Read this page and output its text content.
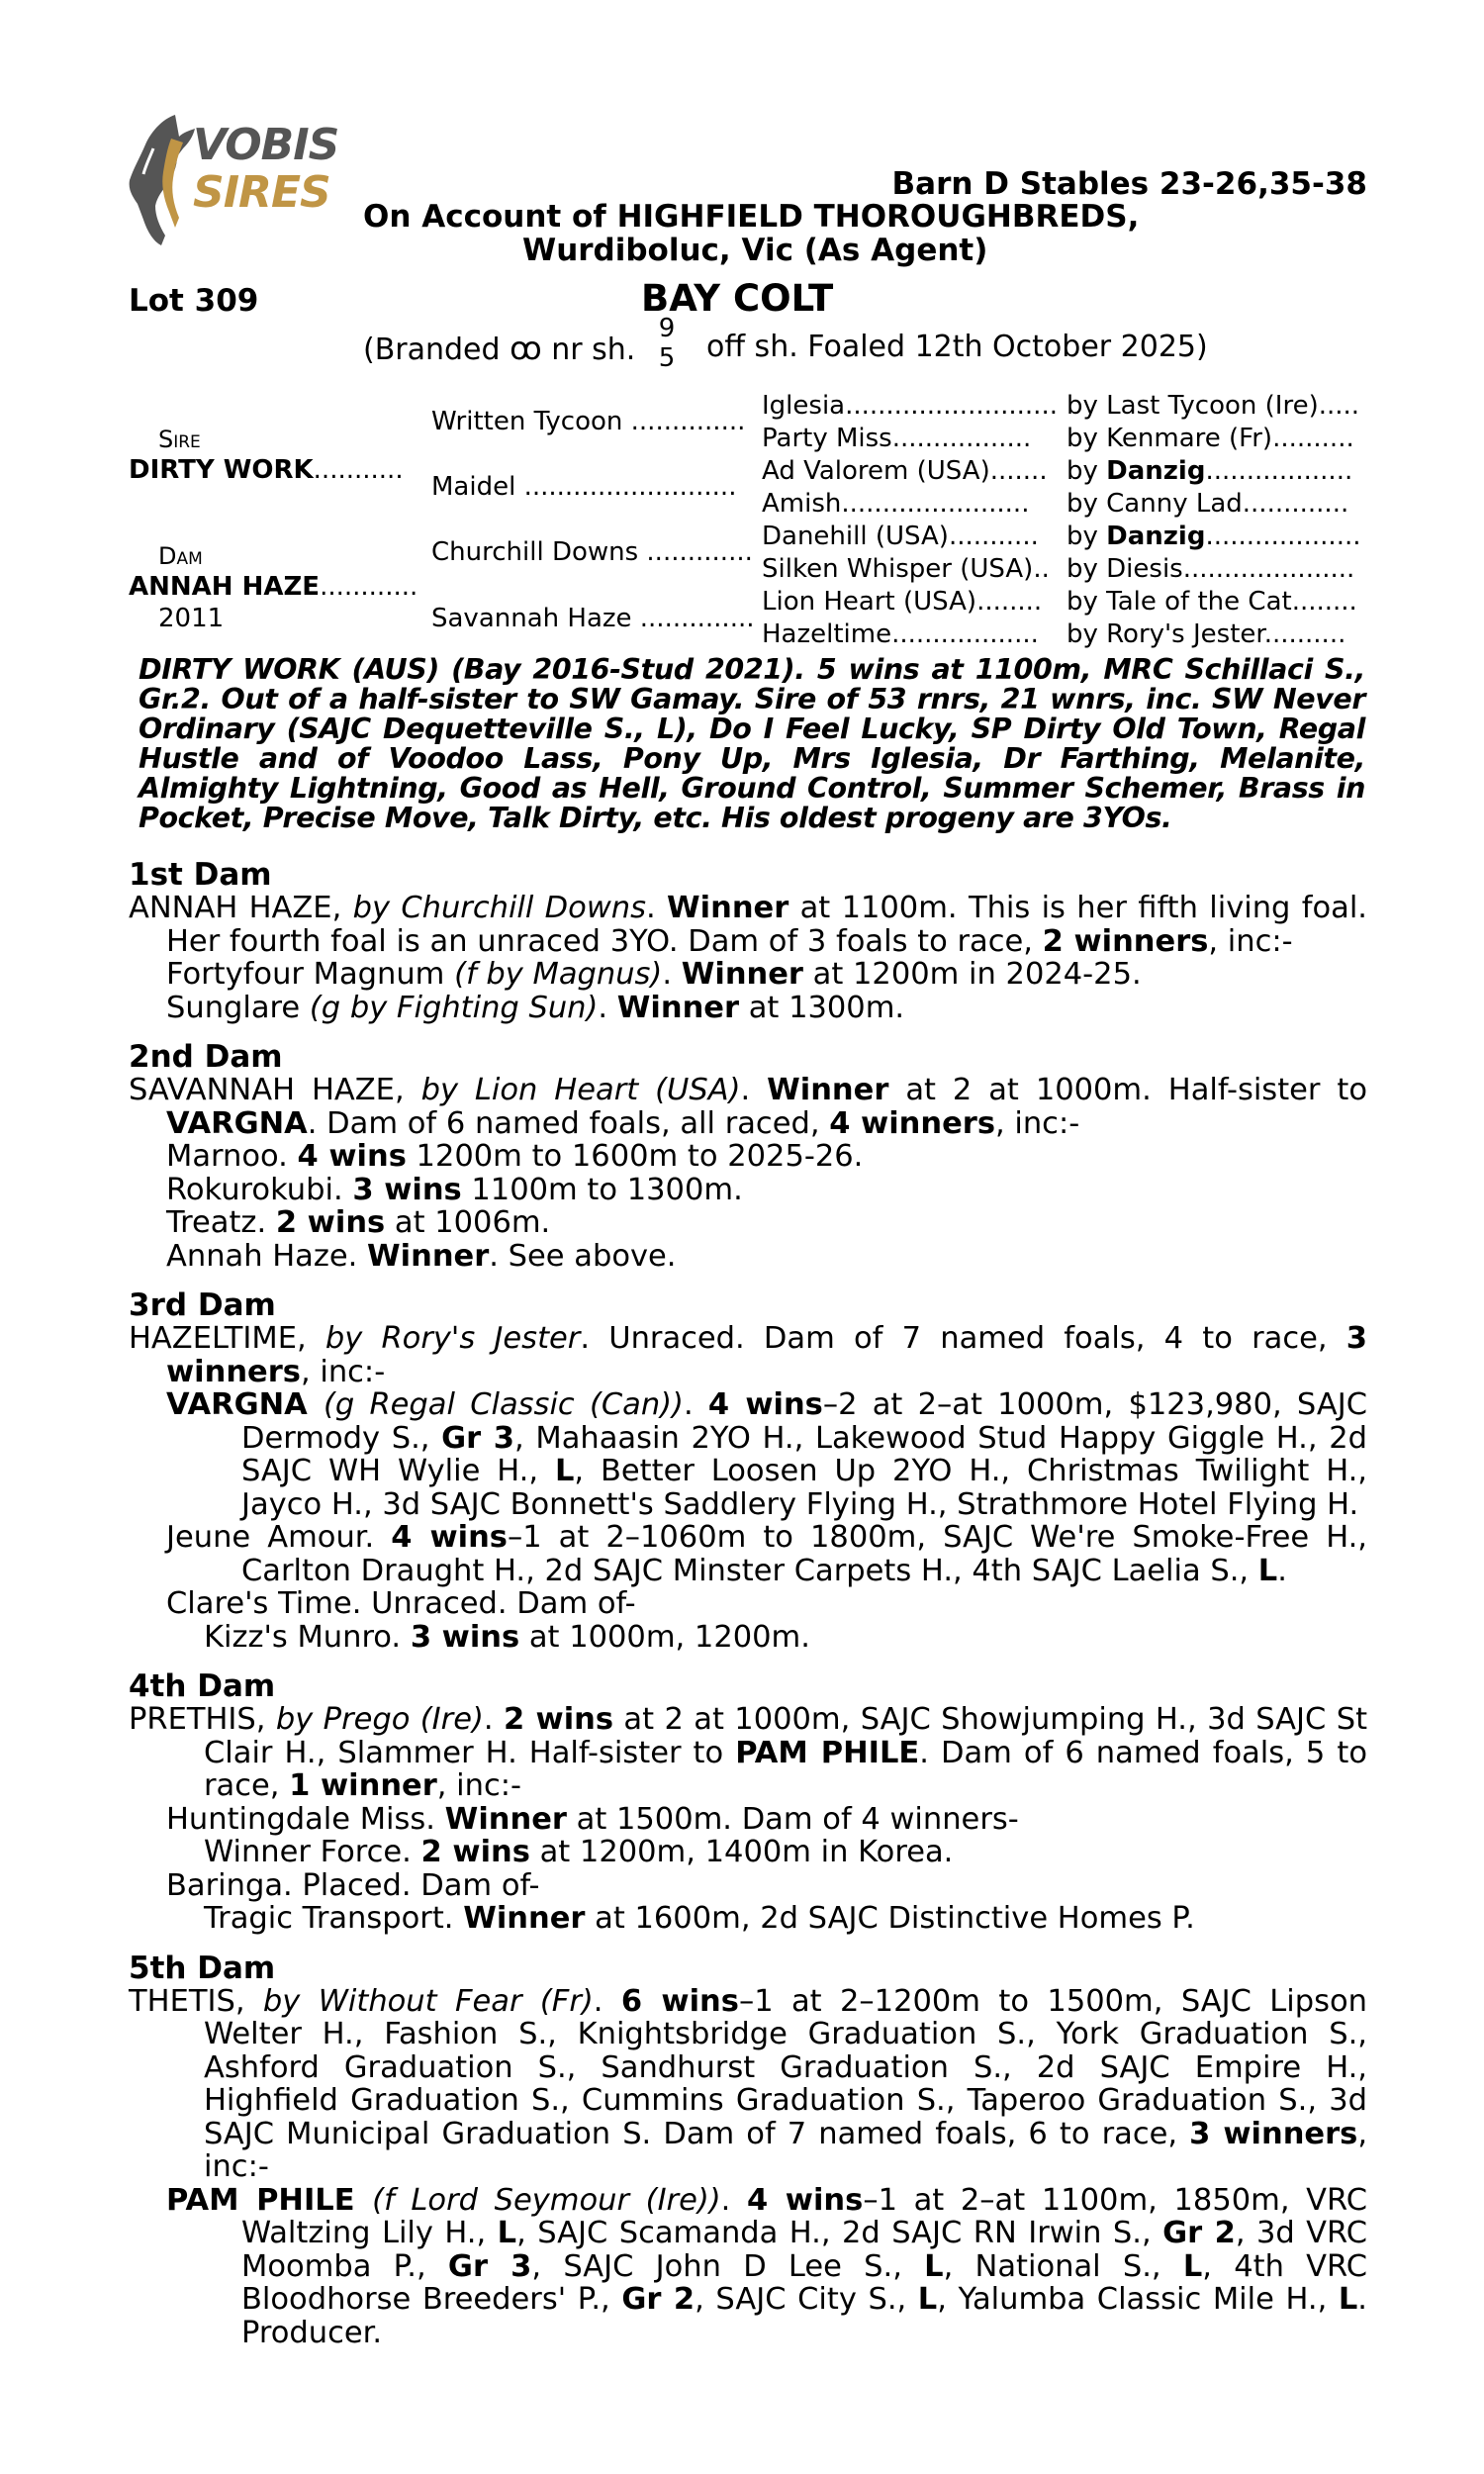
VOBIS
SIRES	Barn D Stables 23-26,35-38
On Account of HIGHFIELD THOROUGHBREDS,
Wurdiboluc, Vic (As Agent)
Lot 309	BAY COLT
(Branded ꝏ nr sh.
9
5 off sh. Foaled 12th October 2025)
Sire
DIRTY WORK...........
Dam
ANNAH HAZE............
2011
Written Tycoon ..............
Maidel ..........................
Churchill Downs .............
Savannah Haze ..............
Iglesia..........................
Party Miss.................
Ad Valorem (USA).......
Amish.......................
Danehill (USA)...........
Silken Whisper (USA)..
Lion Heart (USA)........
Hazeltime..................
by Last Tycoon (Ire).....
by Kenmare (Fr)..........
by Danzig..................
by Canny Lad.............
by Danzig...................
by Diesis.....................
by Tale of the Cat........
by Rory's Jester..........
DIRTY WORK (AUS) (Bay 2016-Stud 2021). 5 wins at 1100m, MRC Schillaci S., Gr.2. Out of a half-sister to SW Gamay. Sire of 53 rnrs, 21 wnrs, inc. SW Never Ordinary (SAJC Dequetteville S., L), Do I Feel Lucky, SP Dirty Old Town, Regal Hustle and of Voodoo Lass, Pony Up, Mrs Iglesia, Dr Farthing, Melanite, Almighty Lightning, Good as Hell, Ground Control, Summer Schemer, Brass in Pocket, Precise Move, Talk Dirty, etc. His oldest progeny are 3YOs.
1st Dam
ANNAH HAZE, by Churchill Downs. Winner at 1100m. This is her fifth living foal. Her fourth foal is an unraced 3YO. Dam of 3 foals to race, 2 winners, inc:-
Fortyfour Magnum (f by Magnus). Winner at 1200m in 2024-25.
Sunglare (g by Fighting Sun). Winner at 1300m.
2nd Dam
SAVANNAH HAZE, by Lion Heart (USA). Winner at 2 at 1000m. Half-sister to VARGNA. Dam of 6 named foals, all raced, 4 winners, inc:-
Marnoo. 4 wins 1200m to 1600m to 2025-26.
Rokurokubi. 3 wins 1100m to 1300m.
Treatz. 2 wins at 1006m.
Annah Haze. Winner. See above.
3rd Dam
HAZELTIME, by Rory's Jester. Unraced. Dam of 7 named foals, 4 to race, 3 winners, inc:-
VARGNA (g Regal Classic (Can)). 4 wins–2 at 2–at 1000m, $123,980, SAJC Dermody S., Gr 3, Mahaasin 2YO H., Lakewood Stud Happy Giggle H., 2d SAJC WH Wylie H., L, Better Loosen Up 2YO H., Christmas Twilight H., Jayco H., 3d SAJC Bonnett's Saddlery Flying H., Strathmore Hotel Flying H.
Jeune Amour. 4 wins–1 at 2–1060m to 1800m, SAJC We're Smoke-Free H., Carlton Draught H., 2d SAJC Minster Carpets H., 4th SAJC Laelia S., L.
Clare's Time. Unraced. Dam of-
Kizz's Munro. 3 wins at 1000m, 1200m.
4th Dam
PRETHIS, by Prego (Ire). 2 wins at 2 at 1000m, SAJC Showjumping H., 3d SAJC St Clair H., Slammer H. Half-sister to PAM PHILE. Dam of 6 named foals, 5 to race, 1 winner, inc:-
Huntingdale Miss. Winner at 1500m. Dam of 4 winners-
Winner Force. 2 wins at 1200m, 1400m in Korea.
Baringa. Placed. Dam of-
Tragic Transport. Winner at 1600m, 2d SAJC Distinctive Homes P.
5th Dam
THETIS, by Without Fear (Fr). 6 wins–1 at 2–1200m to 1500m, SAJC Lipson Welter H., Fashion S., Knightsbridge Graduation S., York Graduation S., Ashford Graduation S., Sandhurst Graduation S., 2d SAJC Empire H., Highfield Graduation S., Cummins Graduation S., Taperoo Graduation S., 3d SAJC Municipal Graduation S. Dam of 7 named foals, 6 to race, 3 winners, inc:-
PAM PHILE (f Lord Seymour (Ire)). 4 wins–1 at 2–at 1100m, 1850m, VRC Waltzing Lily H., L, SAJC Scamanda H., 2d SAJC RN Irwin S., Gr 2, 3d VRC Moomba P., Gr 3, SAJC John D Lee S., L, National S., L, 4th VRC Bloodhorse Breeders' P., Gr 2, SAJC City S., L, Yalumba Classic Mile H., L. Producer.
